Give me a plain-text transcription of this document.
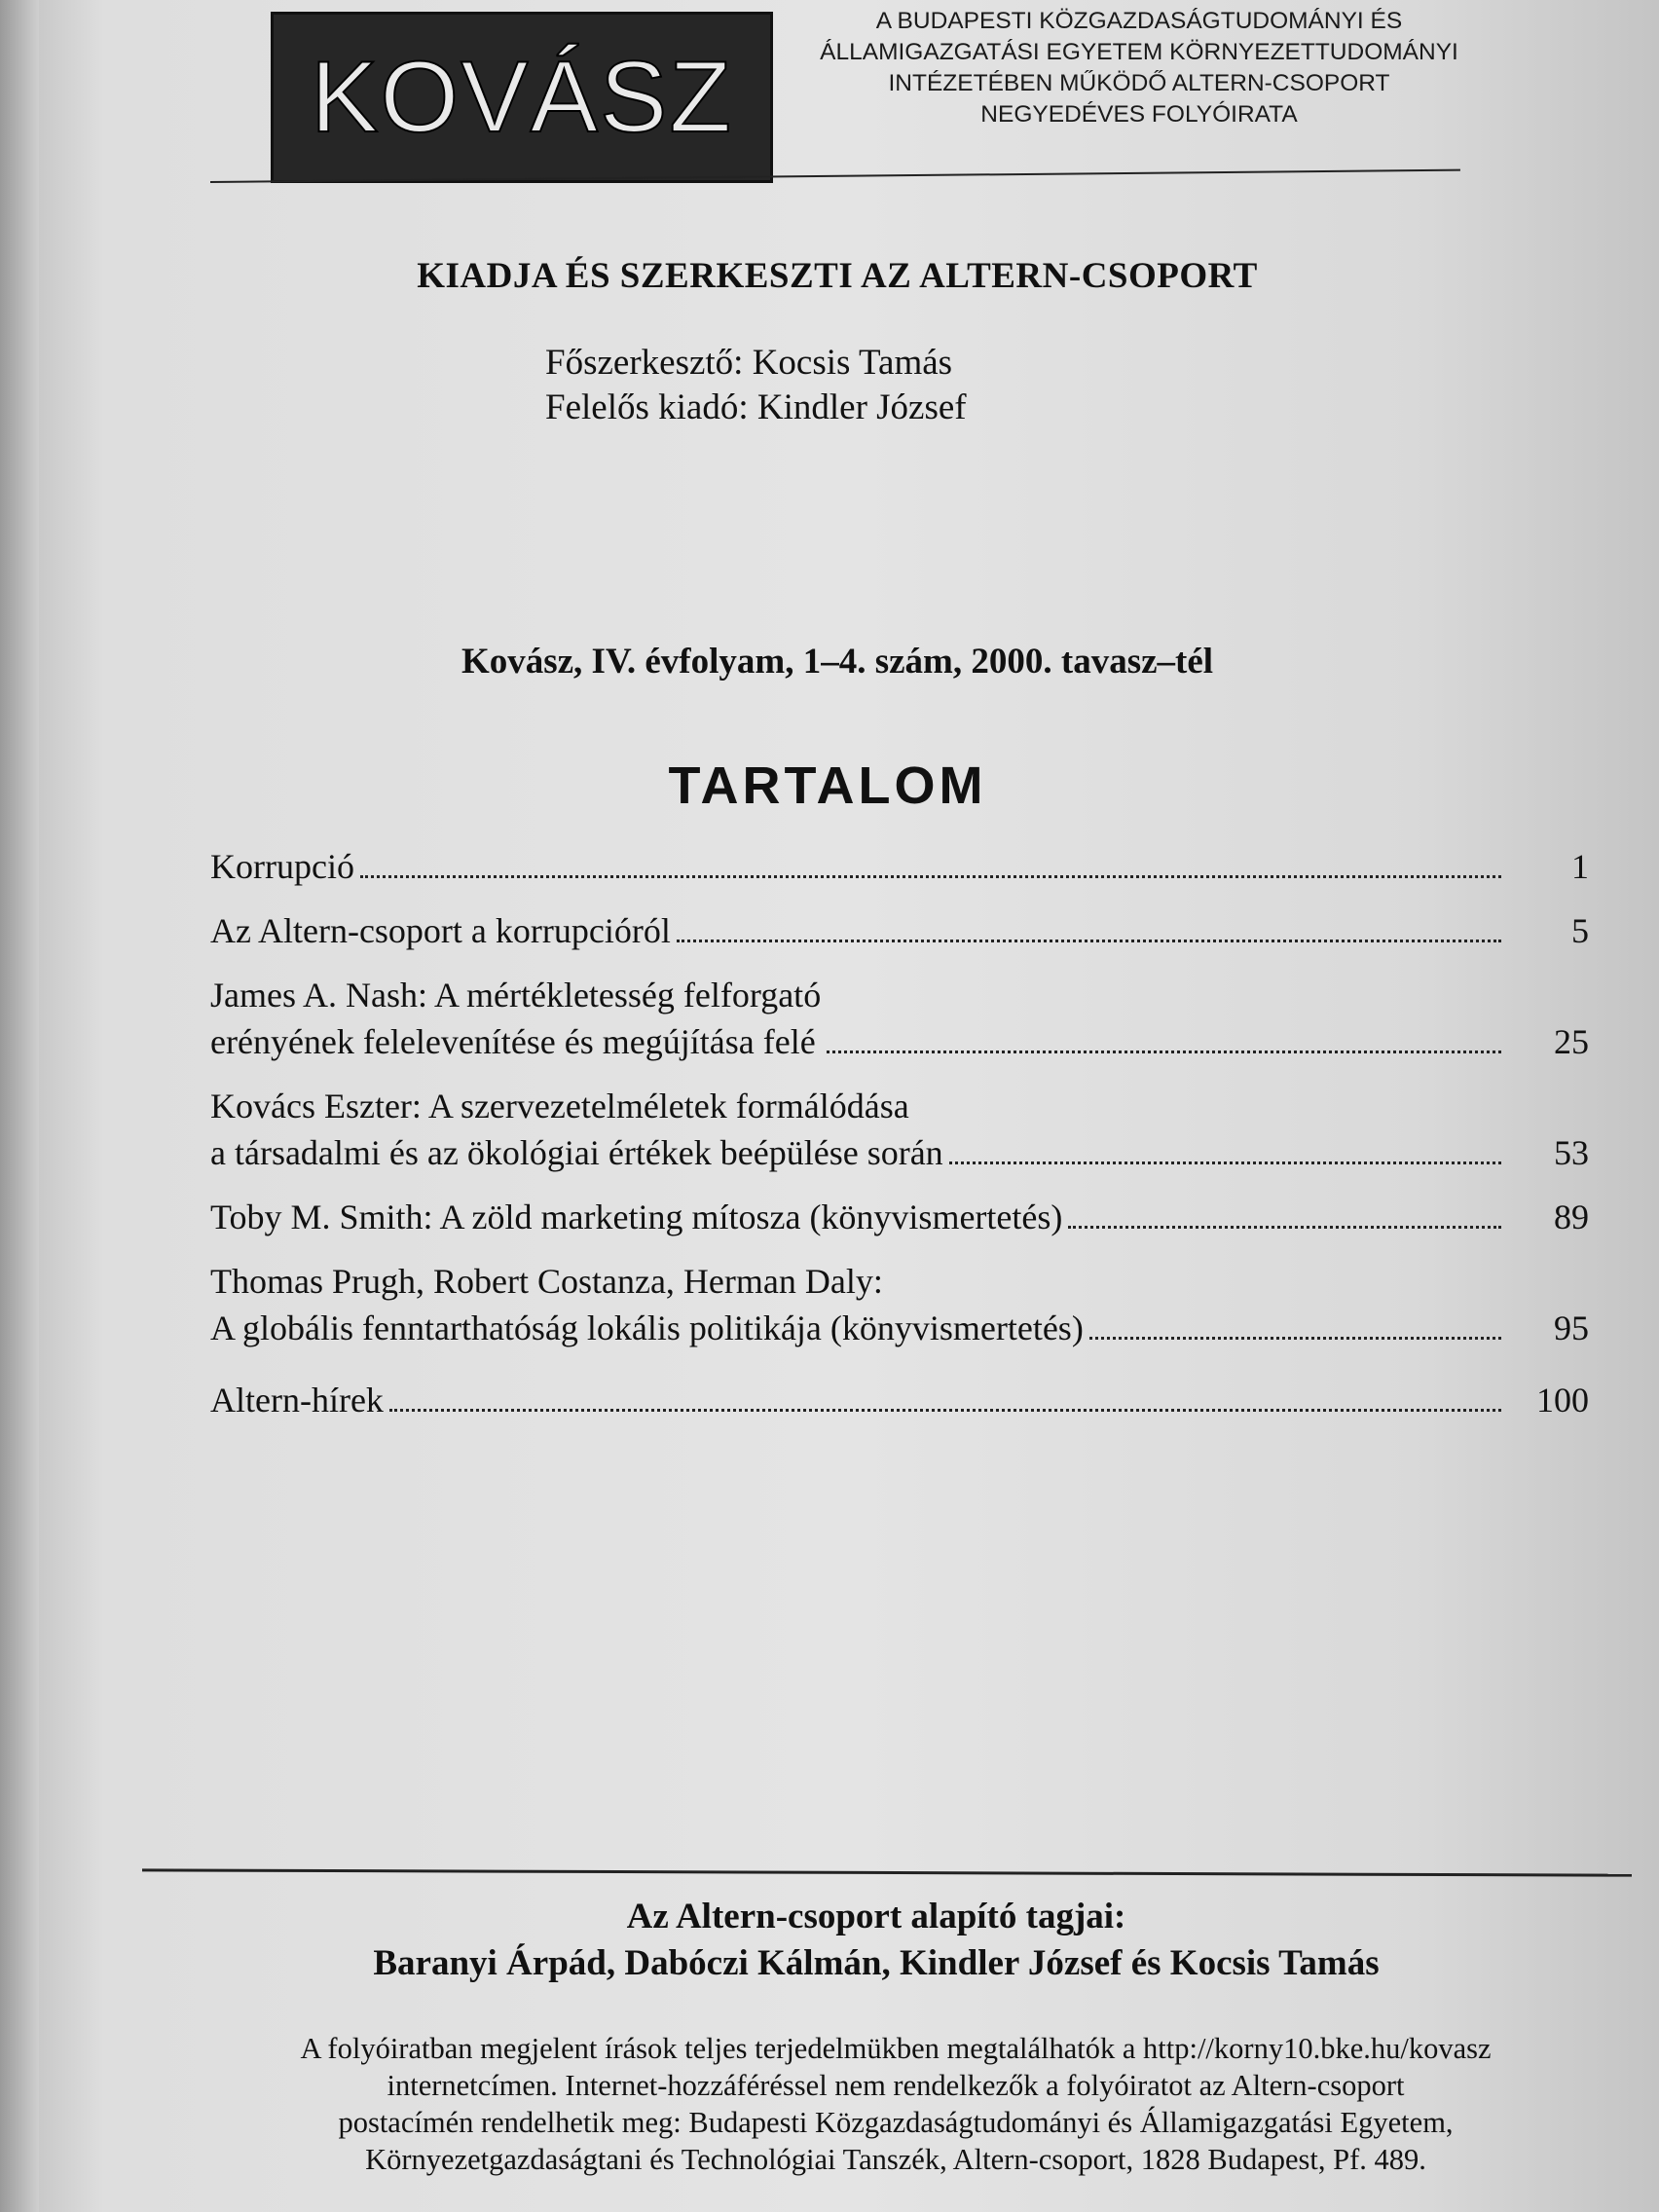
KOVÁSZ
A BUDAPESTI KÖZGAZDASÁGTUDOMÁNYI ÉS
ÁLLAMIGAZGATÁSI EGYETEM KÖRNYEZETTUDOMÁNYI
INTÉZETÉBEN MŰKÖDŐ ALTERN-CSOPORT
NEGYEDÉVES FOLYÓIRATA
KIADJA ÉS SZERKESZTI AZ ALTERN-CSOPORT
Főszerkesztő: Kocsis Tamás
Felelős kiadó: Kindler József
Kovász, IV. évfolyam, 1–4. szám, 2000. tavasz–tél
TARTALOM
Korrupció	1
Az Altern-csoport a korrupcióról	5
James A. Nash: A mértékletesség felforgató
erényének felelevenítése és megújítása felé	25
Kovács Eszter: A szervezetelméletek formálódása
a társadalmi és az ökológiai értékek beépülése során	53
Toby M. Smith: A zöld marketing mítosza (könyvismertetés)	89
Thomas Prugh, Robert Costanza, Herman Daly:
A globális fenntarthatóság lokális politikája (könyvismertetés)	95
Altern-hírek	100
Az Altern-csoport alapító tagjai:
Baranyi Árpád, Dabóczi Kálmán, Kindler József és Kocsis Tamás
A folyóiratban megjelent írások teljes terjedelmükben megtalálhatók a http://korny10.bke.hu/kovasz
internetcímen. Internet-hozzáféréssel nem rendelkezők a folyóiratot az Altern-csoport
postacímén rendelhetik meg: Budapesti Közgazdaságtudományi és Államigazgatási Egyetem,
Környezetgazdaságtani és Technológiai Tanszék, Altern-csoport, 1828 Budapest, Pf. 489.
